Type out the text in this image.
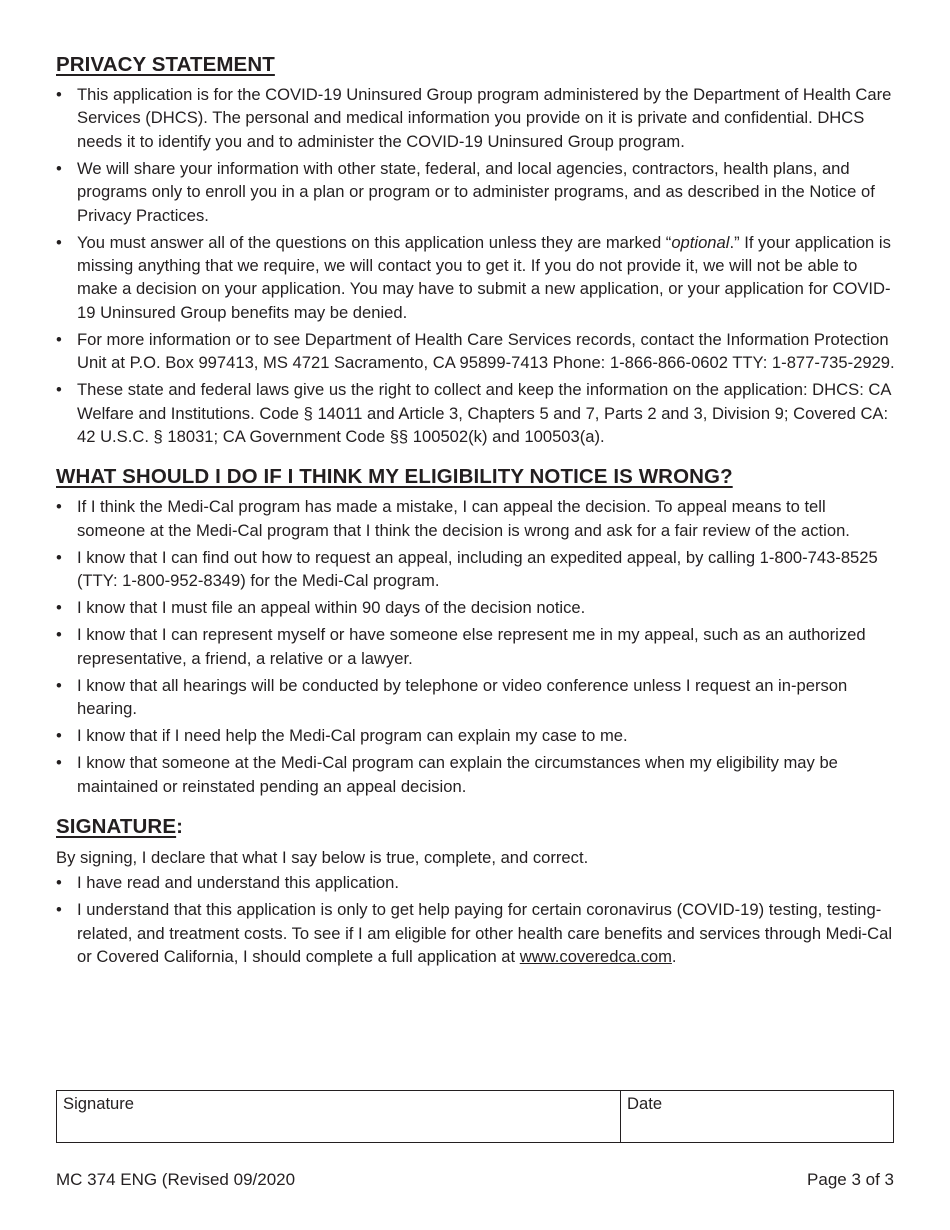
PRIVACY STATEMENT
• This application is for the COVID-19 Uninsured Group program administered by the Department of Health Care Services (DHCS). The personal and medical information you provide on it is private and confidential. DHCS needs it to identify you and to administer the COVID-19 Uninsured Group program.
• We will share your information with other state, federal, and local agencies, contractors, health plans, and programs only to enroll you in a plan or program or to administer programs, and as described in the Notice of Privacy Practices.
• You must answer all of the questions on this application unless they are marked “optional.” If your application is missing anything that we require, we will contact you to get it. If you do not provide it, we will not be able to make a decision on your application. You may have to submit a new application, or your application for COVID-19 Uninsured Group benefits may be denied.
• For more information or to see Department of Health Care Services records, contact the Information Protection Unit at P.O. Box 997413, MS 4721 Sacramento, CA 95899-7413 Phone: 1-866-866-0602 TTY: 1-877-735-2929.
• These state and federal laws give us the right to collect and keep the information on the application: DHCS: CA Welfare and Institutions. Code § 14011 and Article 3, Chapters 5 and 7, Parts 2 and 3, Division 9; Covered CA: 42 U.S.C. § 18031; CA Government Code §§ 100502(k) and 100503(a).
WHAT SHOULD I DO IF I THINK MY ELIGIBILITY NOTICE IS WRONG?
• If I think the Medi-Cal program has made a mistake, I can appeal the decision. To appeal means to tell someone at the Medi-Cal program that I think the decision is wrong and ask for a fair review of the action.
• I know that I can find out how to request an appeal, including an expedited appeal, by calling 1-800-743-8525 (TTY: 1-800-952-8349) for the Medi-Cal program.
• I know that I must file an appeal within 90 days of the decision notice.
• I know that I can represent myself or have someone else represent me in my appeal, such as an authorized representative, a friend, a relative or a lawyer.
• I know that all hearings will be conducted by telephone or video conference unless I request an in-person hearing.
• I know that if I need help the Medi-Cal program can explain my case to me.
• I know that someone at the Medi-Cal program can explain the circumstances when my eligibility may be maintained or reinstated pending an appeal decision.
SIGNATURE:

By signing, I declare that what I say below is true, complete, and correct.

• I have read and understand this application.
• I understand that this application is only to get help paying for certain coronavirus (COVID-19) testing, testing-related, and treatment costs. To see if I am eligible for other health care benefits and services through Medi-Cal or Covered California, I should complete a full application at www.coveredca.com.
Signature	Date
MC 374 ENG (Revised 09/2020	Page 3 of 3
